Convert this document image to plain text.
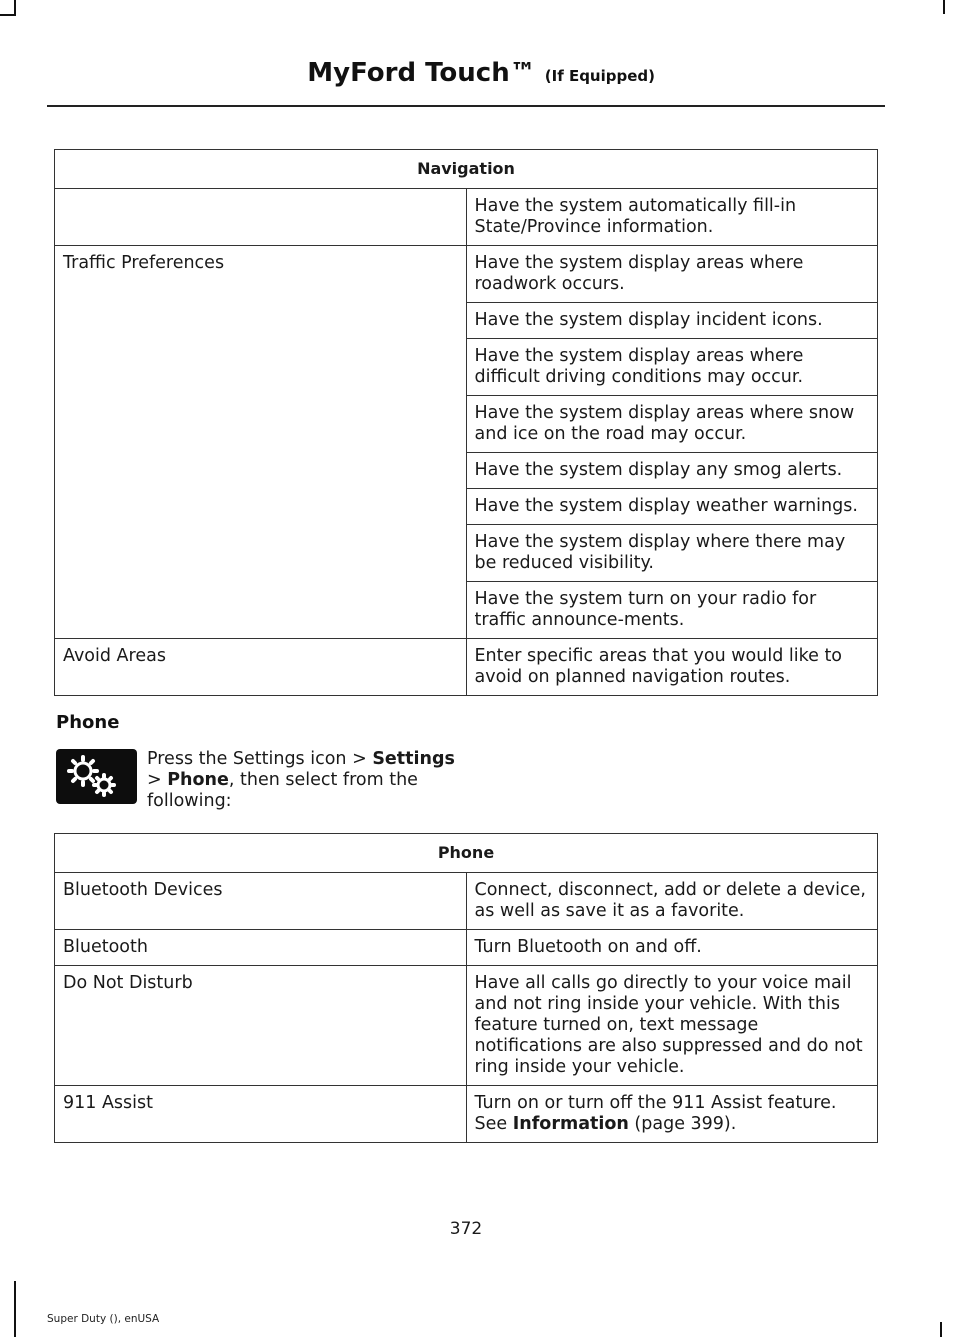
MyFord Touch™ (If Equipped)
Navigation	
	Have the system automatically fill-in State/Province information.
Traffic Preferences	Have the system display areas where roadwork occurs.
	Have the system display incident icons.
	Have the system display areas where difficult driving conditions may occur.
	Have the system display areas where snow and ice on the road may occur.
	Have the system display any smog alerts.
	Have the system display weather warnings.
	Have the system display where there may be reduced visibility.
	Have the system turn on your radio for traffic announce-ments.
Avoid Areas	Enter specific areas that you would like to avoid on planned navigation routes.
Phone
Press the Settings icon > Settings > Phone, then select from the following:
Phone	
Bluetooth Devices	Connect, disconnect, add or delete a device, as well as save it as a favorite.
Bluetooth	Turn Bluetooth on and off.
Do Not Disturb	Have all calls go directly to your voice mail and not ring inside your vehicle. With this feature turned on, text message notifications are also suppressed and do not ring inside your vehicle.
911 Assist	Turn on or turn off the 911 Assist feature. See Information (page 399).
372
Super Duty (), enUSA
